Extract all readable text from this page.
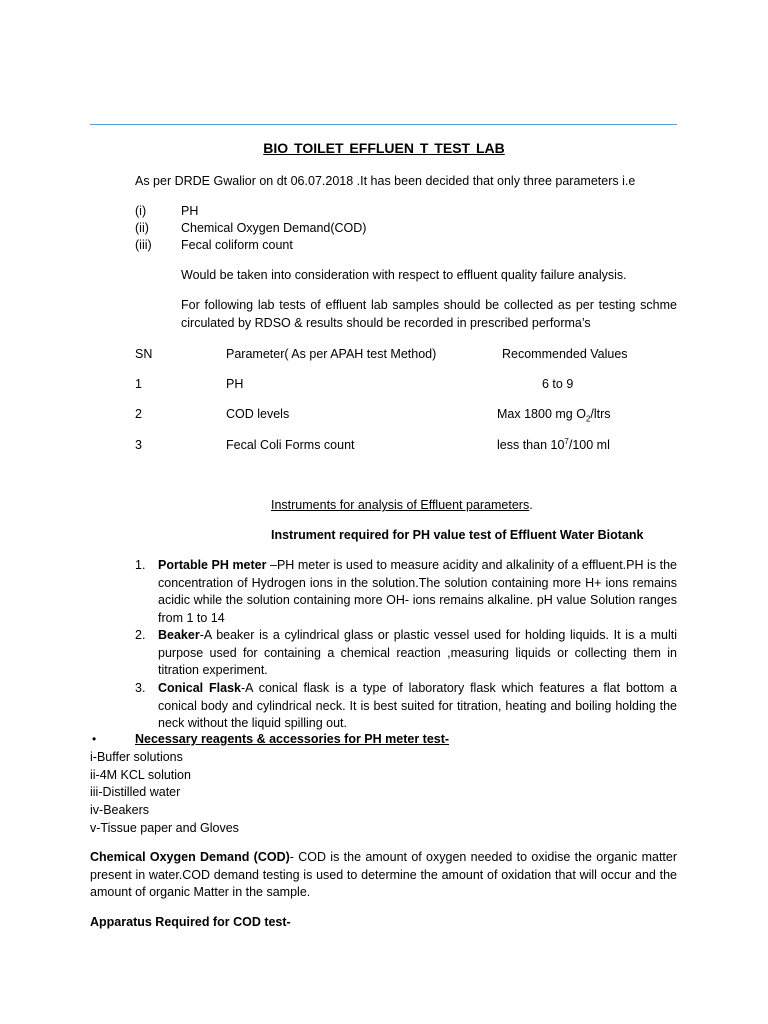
BIO TOILET EFFLUEN T TEST LAB
As per DRDE Gwalior on dt 06.07.2018 .It has been decided that only three parameters i.e
(i)	PH
(ii)	Chemical Oxygen Demand(COD)
(iii) Fecal coliform count
Would be taken into consideration with respect to effluent quality failure analysis.
For following lab tests of effluent lab samples should be collected as per testing schme circulated by RDSO & results should be recorded in prescribed performa’s
SN	Parameter( As per APAH test Method)	Recommended Values
1	PH	6 to 9
2	COD levels	Max 1800 mg $O_2$/ltrs
3	Fecal Coli Forms count	less than $10^7/100$ ml
Instruments for analysis of Effluent parameters.
Instrument required for PH value test of Effluent Water Biotank
1. Portable PH meter –PH meter is used to measure acidity and alkalinity of a effluent.PH is the concentration of Hydrogen ions in the solution.The solution containing more H+ ions remains acidic while the solution containing more OH- ions remains alkaline. pH value Solution ranges from 1 to 14
2. Beaker-A beaker is a cylindrical glass or plastic vessel used for holding liquids. It is a multi purpose used for containing a chemical reaction ,measuring liquids or collecting them in titration experiment.
3. Conical Flask-A conical flask is a type of laboratory flask which features a flat bottom a conical body and cylindrical neck. It is best suited for titration, heating and boiling holding the neck without the liquid spilling out.
•	Necessary reagents & accessories for PH meter test-
i-Buffer solutions
ii-4M KCL solution
iii-Distilled water
iv-Beakers
v-Tissue paper and Gloves
Chemical Oxygen Demand (COD)- COD is the amount of oxygen needed to oxidise the organic matter present in water.COD demand testing is used to determine the amount of oxidation that will occur and the amount of organic Matter in the sample.
Apparatus Required for COD test-
